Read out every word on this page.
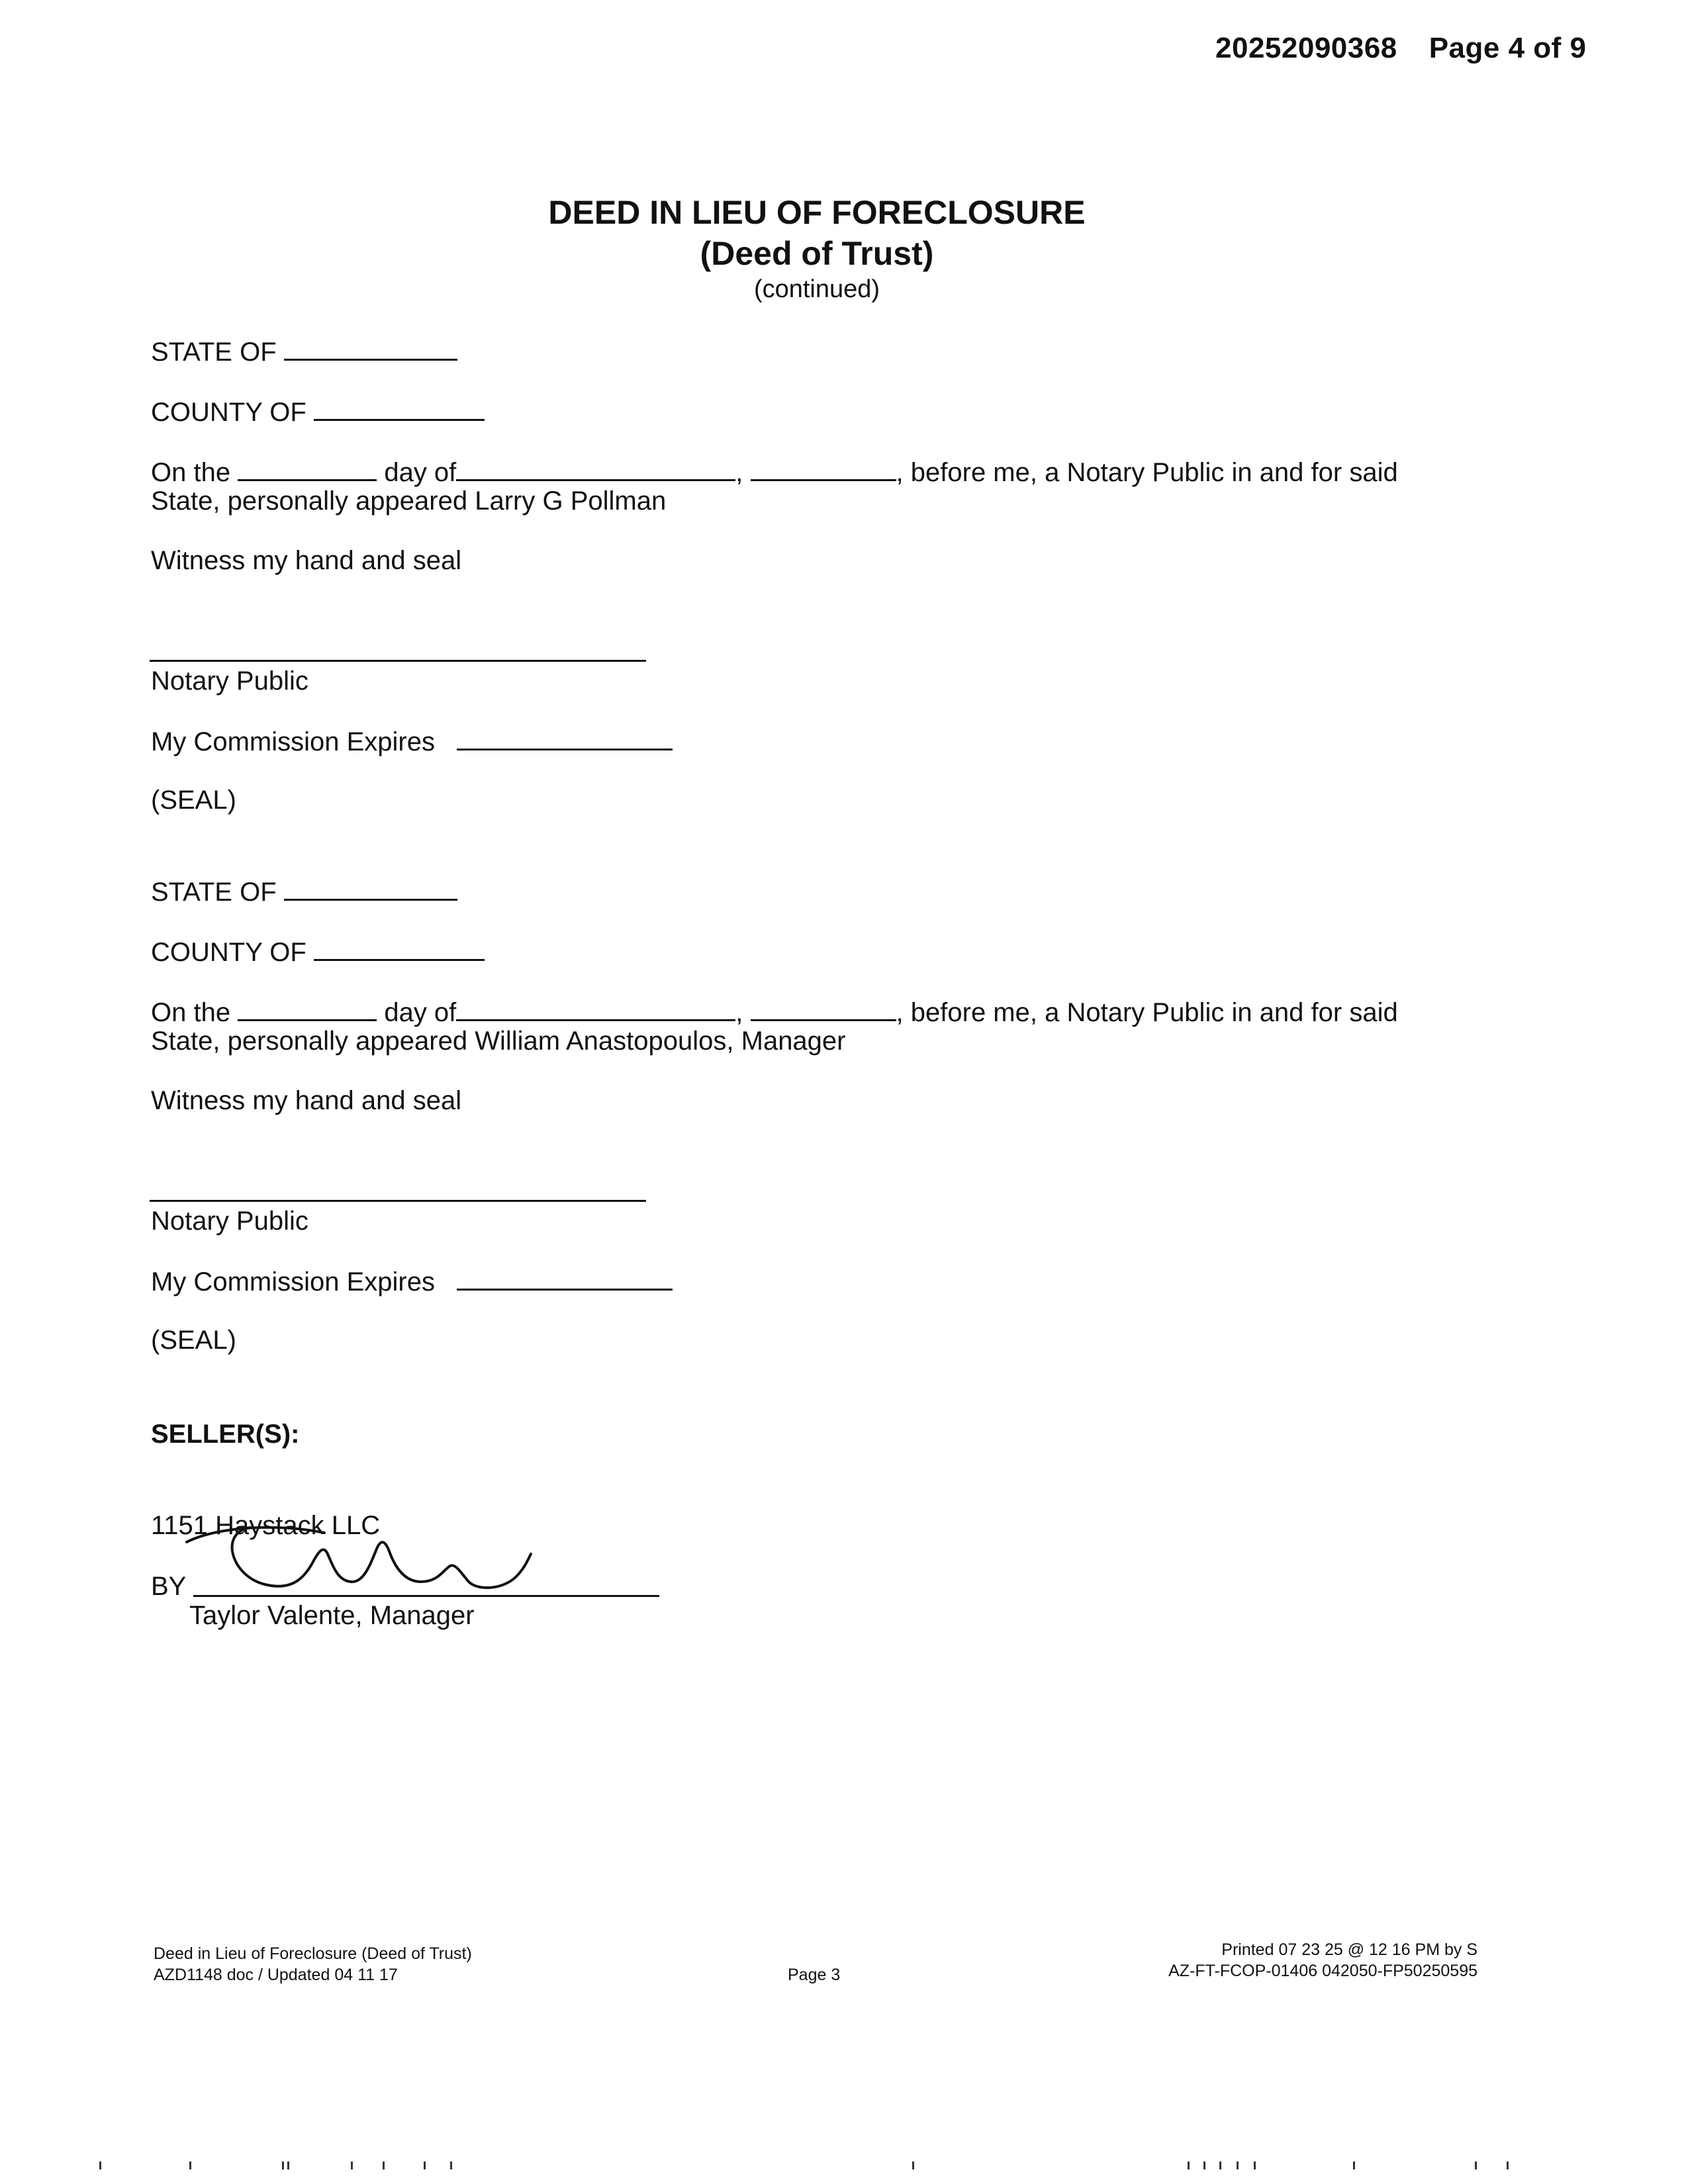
20252090368 Page 4 of 9
DEED IN LIEU OF FORECLOSURE
(Deed of Trust)
(continued)
STATE OF
COUNTY OF
On the	day of	,	, before me, a Notary Public in and for said
State, personally appeared Larry G Pollman
Witness my hand and seal
Notary Public
My Commission Expires
(SEAL)
STATE OF
COUNTY OF
On the	day of	,	, before me, a Notary Public in and for said
State, personally appeared William Anastopoulos, Manager
Witness my hand and seal
Notary Public
My Commission Expires
(SEAL)
SELLER(S):
1151 Haystack LLC
BY
Taylor Valente, Manager
Deed in Lieu of Foreclosure (Deed of Trust)
AZD1148 doc / Updated 04 11 17	Page 3
Printed 07 23 25 @ 12 16 PM by S
AZ-FT-FCOP-01406 042050-FP50250595
